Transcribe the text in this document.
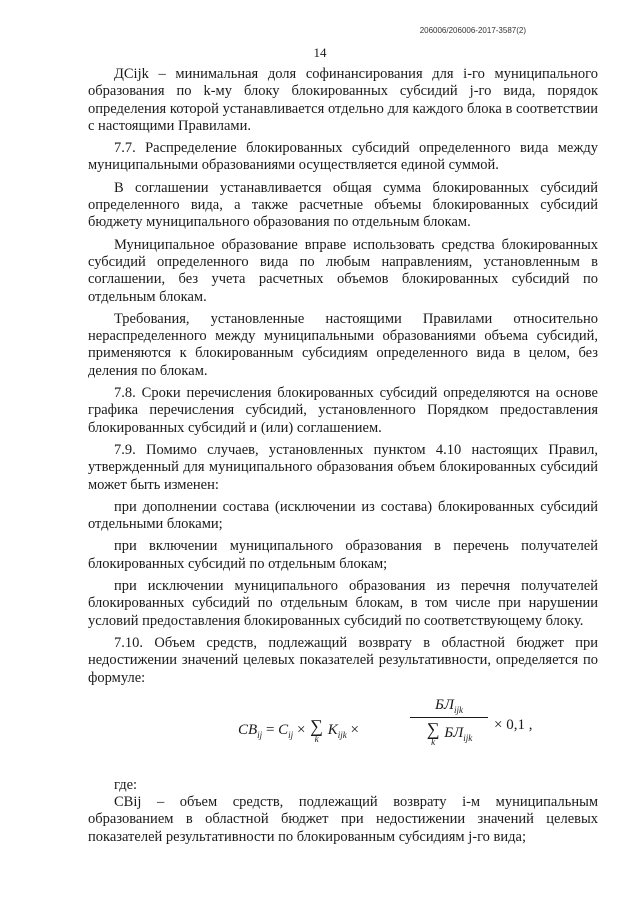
206006/206006-2017-3587(2)
14

ДСijk – минимальная доля софинансирования для i-го муниципального образования по k-му блоку блокированных субсидий j-го вида, порядок определения которой устанавливается отдельно для каждого блока в соответствии с настоящими Правилами.

7.7. Распределение блокированных субсидий определенного вида между муниципальными образованиями осуществляется единой суммой.

В соглашении устанавливается общая сумма блокированных субсидий определенного вида, а также расчетные объемы блокированных субсидий бюджету муниципального образования по отдельным блокам.

Муниципальное образование вправе использовать средства блокированных субсидий определенного вида по любым направлениям, установленным в соглашении, без учета расчетных объемов блокированных субсидий по отдельным блокам.

Требования, установленные настоящими Правилами относительно нераспределенного между муниципальными образованиями объема субсидий, применяются к блокированным субсидиям определенного вида в целом, без деления по блокам.

7.8. Сроки перечисления блокированных субсидий определяются на основе графика перечисления субсидий, установленного Порядком предоставления блокированных субсидий и (или) соглашением.

7.9. Помимо случаев, установленных пунктом 4.10 настоящих Правил, утвержденный для муниципального образования объем блокированных субсидий может быть изменен:

при дополнении состава (исключении из состава) блокированных субсидий отдельными блоками;

при включении муниципального образования в перечень получателей блокированных субсидий по отдельным блокам;

при исключении муниципального образования из перечня получателей блокированных субсидий по отдельным блокам, в том числе при нарушении условий предоставления блокированных субсидий по соответствующему блоку.

7.10. Объем средств, подлежащий возврату в областной бюджет при недостижении значений целевых показателей результативности, определяется по формуле:

$CB_{ij} = C_{ij}$ × ∑
k
$K_{ijk}$ ×
$БЛ_{ijk}$
∑
k
$БЛ_{ijk}$
× 0,1 ,

где:

CBij – объем средств, подлежащий возврату i-м муниципальным образованием в областной бюджет при недостижении значений целевых показателей результативности по блокированным субсидиям j-го вида;
